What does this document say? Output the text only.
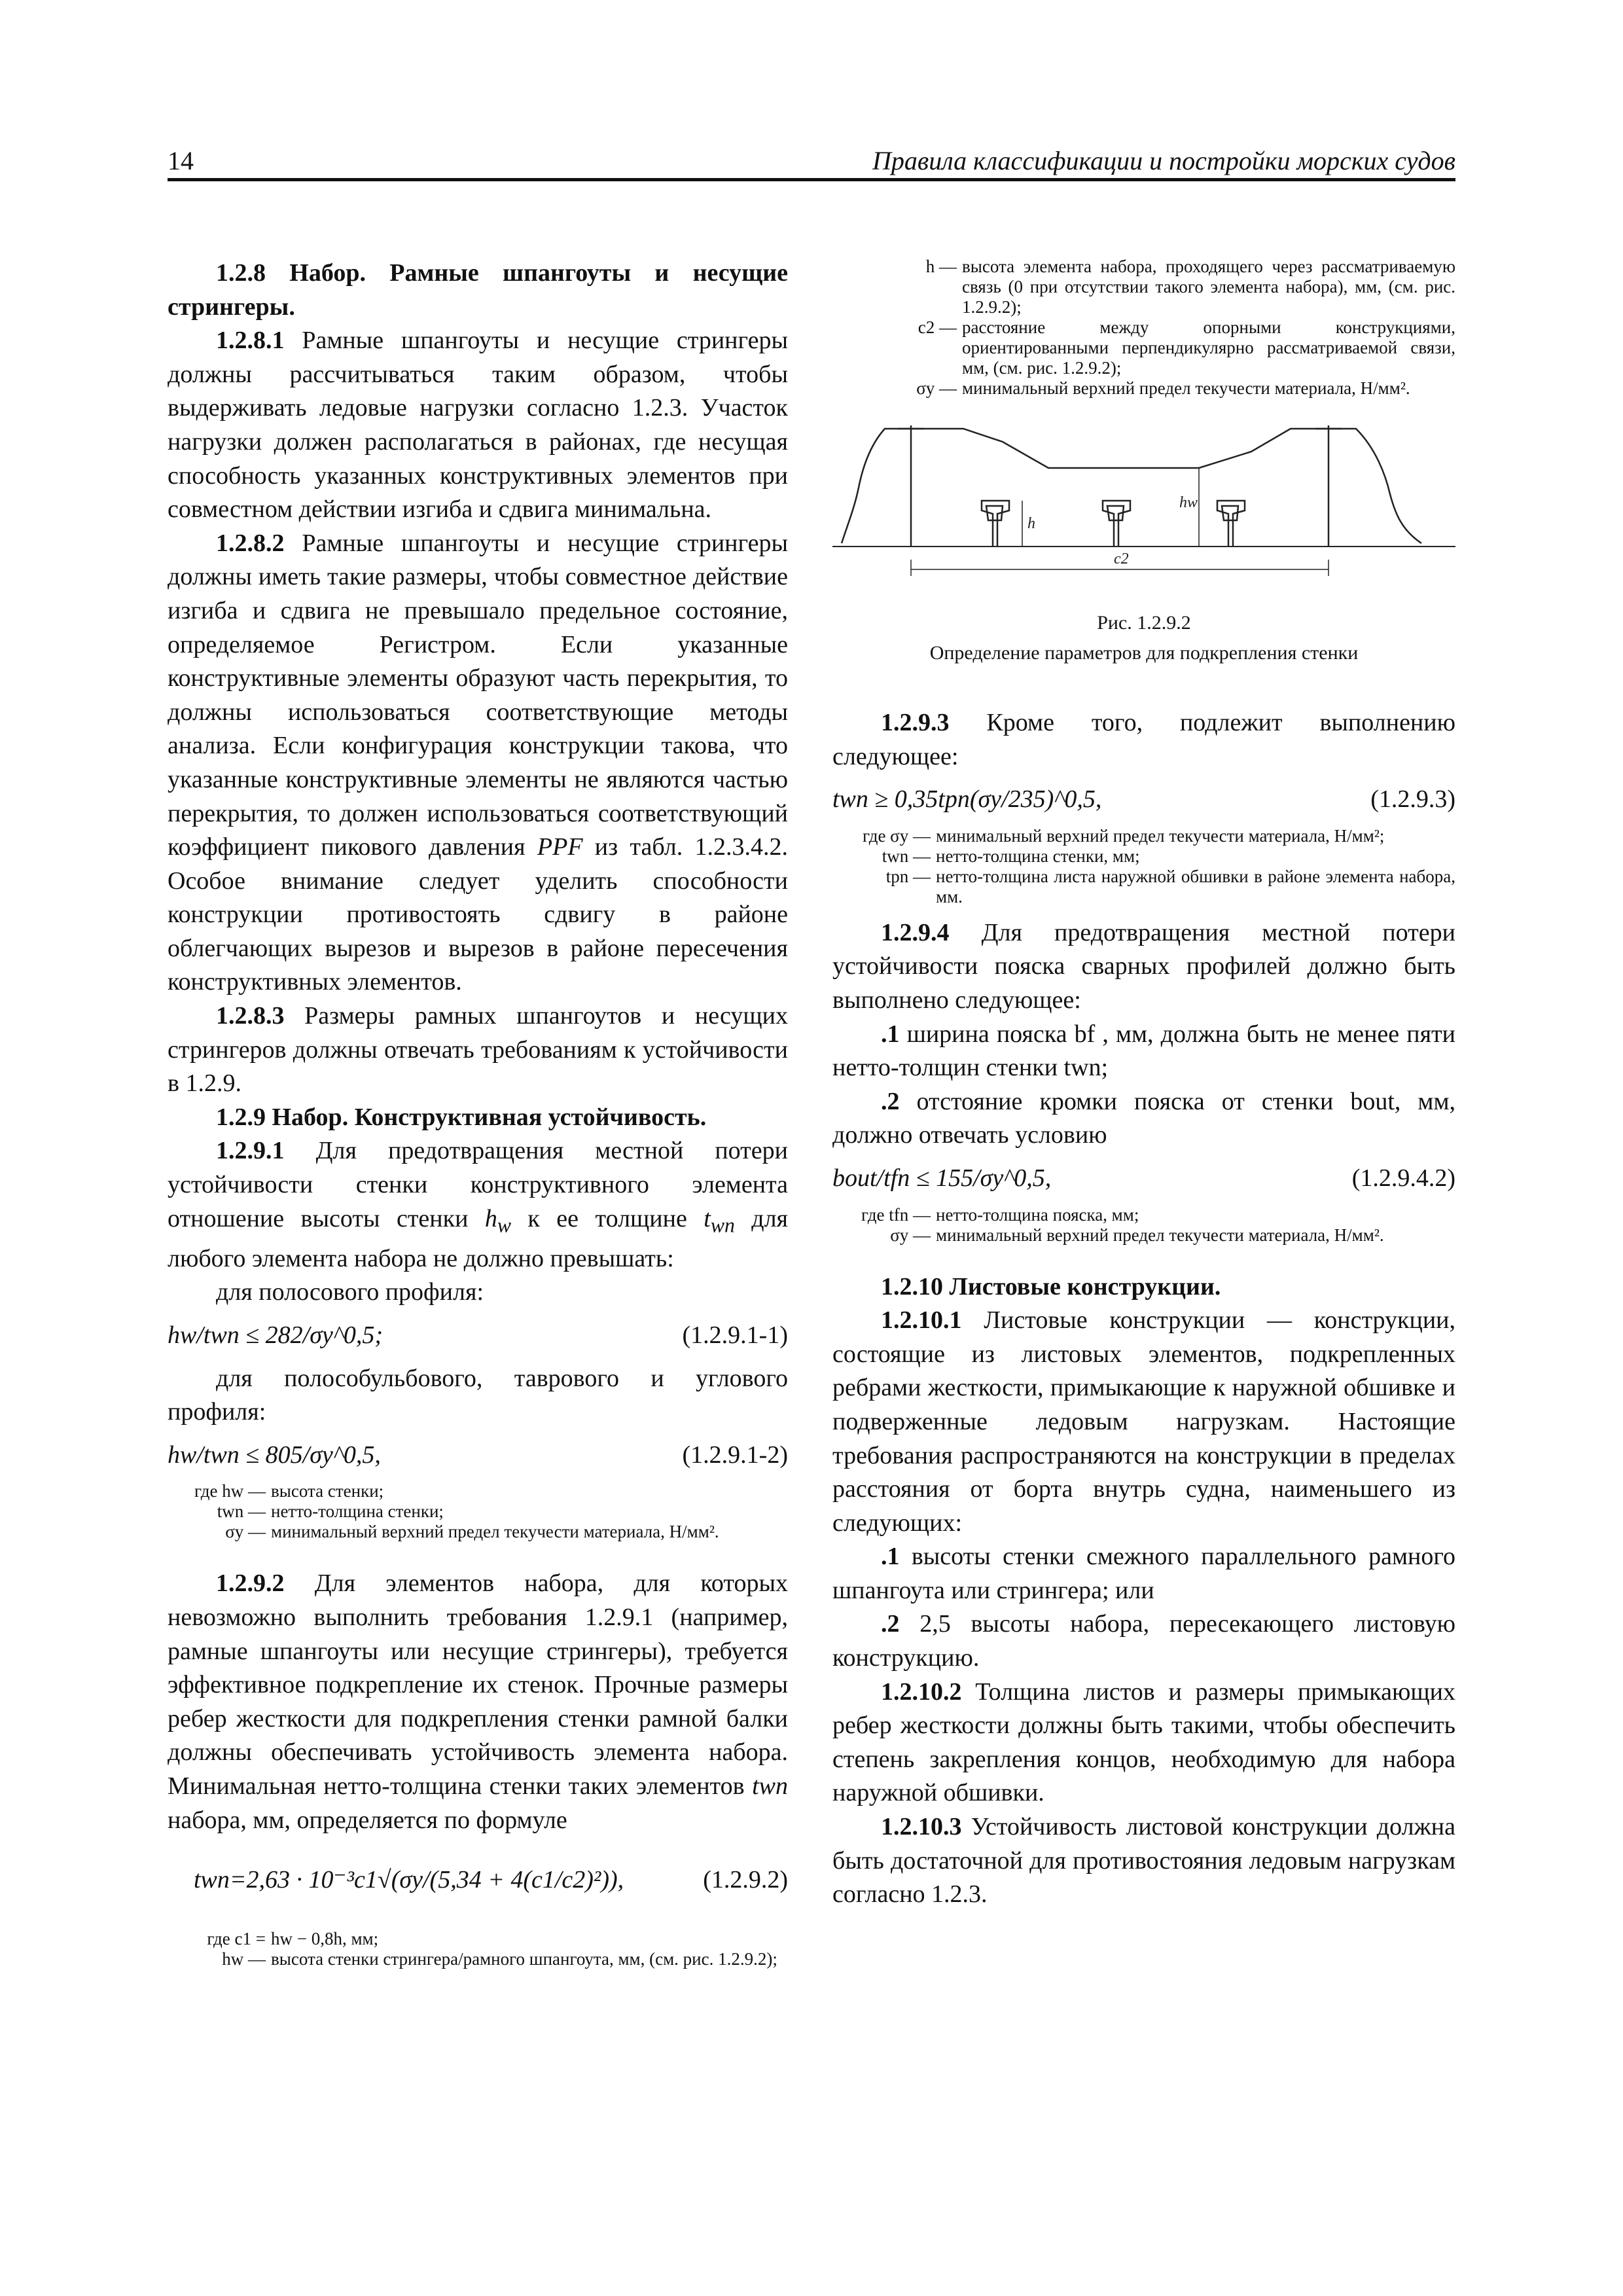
14	Правила классификации и постройки морских судов

1.2.8 Набор. Рамные шпангоуты и несущие стрингеры.

1.2.8.1 Рамные шпангоуты и несущие стрингеры должны рассчитываться таким образом, чтобы выдерживать ледовые нагрузки согласно 1.2.3. Участок нагрузки должен располагаться в районах, где несущая способность указанных конструктивных элементов при совместном действии изгиба и сдвига минимальна.

1.2.8.2 Рамные шпангоуты и несущие стрингеры должны иметь такие размеры, чтобы совместное действие изгиба и сдвига не превышало предельное состояние, определяемое Регистром. Если указанные конструктивные элементы образуют часть перекрытия, то должны использоваться соответствующие методы анализа. Если конфигурация конструкции такова, что указанные конструктивные элементы не являются частью перекрытия, то должен использоваться соответствующий коэффициент пикового давления PPF из табл. 1.2.3.4.2. Особое внимание следует уделить способности конструкции противостоять сдвигу в районе облегчающих вырезов и вырезов в районе пересечения конструктивных элементов.

1.2.8.3 Размеры рамных шпангоутов и несущих стрингеров должны отвечать требованиям к устойчивости в 1.2.9.

1.2.9 Набор. Конструктивная устойчивость.

1.2.9.1 Для предотвращения местной потери устойчивости стенки конструктивного элемента отношение высоты стенки $h_w$ к ее толщине $t_{wn}$ для любого элемента набора не должно превышать:

для полосового профиля:

hw/twn ≤ 282/σy^0,5;	(1.2.9.1-1)

для полособульбового, таврового и углового профиля:

hw/twn ≤ 805/σy^0,5,	(1.2.9.1-2)
где hw — высота стенки;
twn — нетто-толщина стенки;
σy — минимальный верхний предел текучести материала, Н/мм².

1.2.9.2 Для элементов набора, для которых невозможно выполнить требования 1.2.9.1 (например, рамные шпангоуты или несущие стрингеры), требуется эффективное подкрепление их стенок. Прочные размеры ребер жесткости для подкрепления стенки рамной балки должны обеспечивать устойчивость элемента набора. Минимальная нетто-толщина стенки таких элементов twn набора, мм, определяется по формуле

twn=2,63 · 10⁻³c1√(σy/(5,34 + 4(c1/c2)²)),	(1.2.9.2)
где c1 = hw − 0,8h, мм;
hw — высота стенки стрингера/рамного шпангоута, мм, (см. рис. 1.2.9.2);
h — высота элемента набора, проходящего через рассматриваемую связь (0 при отсутствии такого элемента набора), мм, (см. рис. 1.2.9.2);
c2 — расстояние между опорными конструкциями, ориентированными перпендикулярно рассматриваемой связи, мм, (см. рис. 1.2.9.2);
σy — минимальный верхний предел текучести материала, Н/мм².
hw
h
c2
Рис. 1.2.9.2
Определение параметров для подкрепления стенки

1.2.9.3 Кроме того, подлежит выполнению следующее:

twn ≥ 0,35tpn(σy/235)^0,5,	(1.2.9.3)
где σy — минимальный верхний предел текучести материала, Н/мм²;
twn — нетто-толщина стенки, мм;
tpn — нетто-толщина листа наружной обшивки в районе элемента набора, мм.

1.2.9.4 Для предотвращения местной потери устойчивости пояска сварных профилей должно быть выполнено следующее:

.1 ширина пояска bf , мм, должна быть не менее пяти нетто-толщин стенки twn;

.2 отстояние кромки пояска от стенки bout, мм, должно отвечать условию

bout/tfn ≤ 155/σy^0,5,	(1.2.9.4.2)
где tfn — нетто-толщина пояска, мм;
σy — минимальный верхний предел текучести материала, Н/мм².

1.2.10 Листовые конструкции.

1.2.10.1 Листовые конструкции — конструкции, состоящие из листовых элементов, подкрепленных ребрами жесткости, примыкающие к наружной обшивке и подверженные ледовым нагрузкам. Настоящие требования распространяются на конструкции в пределах расстояния от борта внутрь судна, наименьшего из следующих:

.1 высоты стенки смежного параллельного рамного шпангоута или стрингера; или

.2 2,5 высоты набора, пересекающего листовую конструкцию.

1.2.10.2 Толщина листов и размеры примыкающих ребер жесткости должны быть такими, чтобы обеспечить степень закрепления концов, необходимую для набора наружной обшивки.

1.2.10.3 Устойчивость листовой конструкции должна быть достаточной для противостояния ледовым нагрузкам согласно 1.2.3.
